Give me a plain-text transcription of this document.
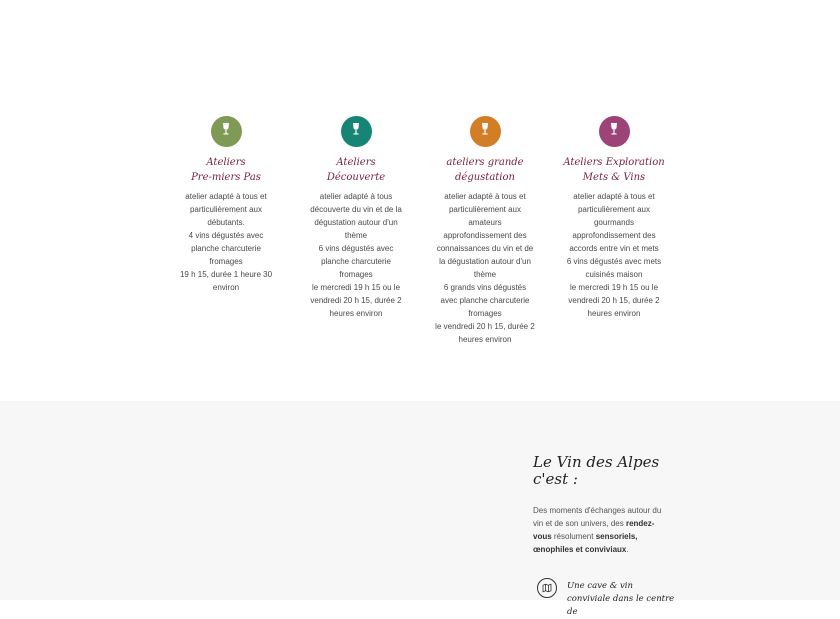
Ateliers
Pre-miers Pas
atelier adapté à tous et
particulièrement aux
débutants.
4 vins dégustés avec
planche charcuterie
fromages
19 h 15, durée 1 heure 30
environ
Ateliers
Découverte
atelier adapté à tous
découverte du vin et de la
dégustation autour d'un
thème
6 vins dégustés avec
planche charcuterie
fromages
le mercredi 19 h 15 ou le
vendredi 20 h 15, durée 2
heures environ
ateliers grande
dégustation
atelier adapté à tous et
particulièrement aux
amateurs
approfondissement des
connaissances du vin et de
la dégustation autour d'un
thème
6 grands vins dégustés
avec planche charcuterie
fromages
le vendredi 20 h 15, durée 2
heures environ
Ateliers Exploration
Mets & Vins
atelier adapté à tous et
particulièrement aux
gourmands
approfondissement des
accords entre vin et mets
6 vins dégustés avec mets
cuisinés maison
le mercredi 19 h 15 ou le
vendredi 20 h 15, durée 2
heures environ
Le Vin des Alpes
c'est :
Des moments d'échanges autour du vin et de son univers, des rendez-vous résolument sensoriels, œnophiles et conviviaux.
Une cave & vin
conviviale dans le centre de
